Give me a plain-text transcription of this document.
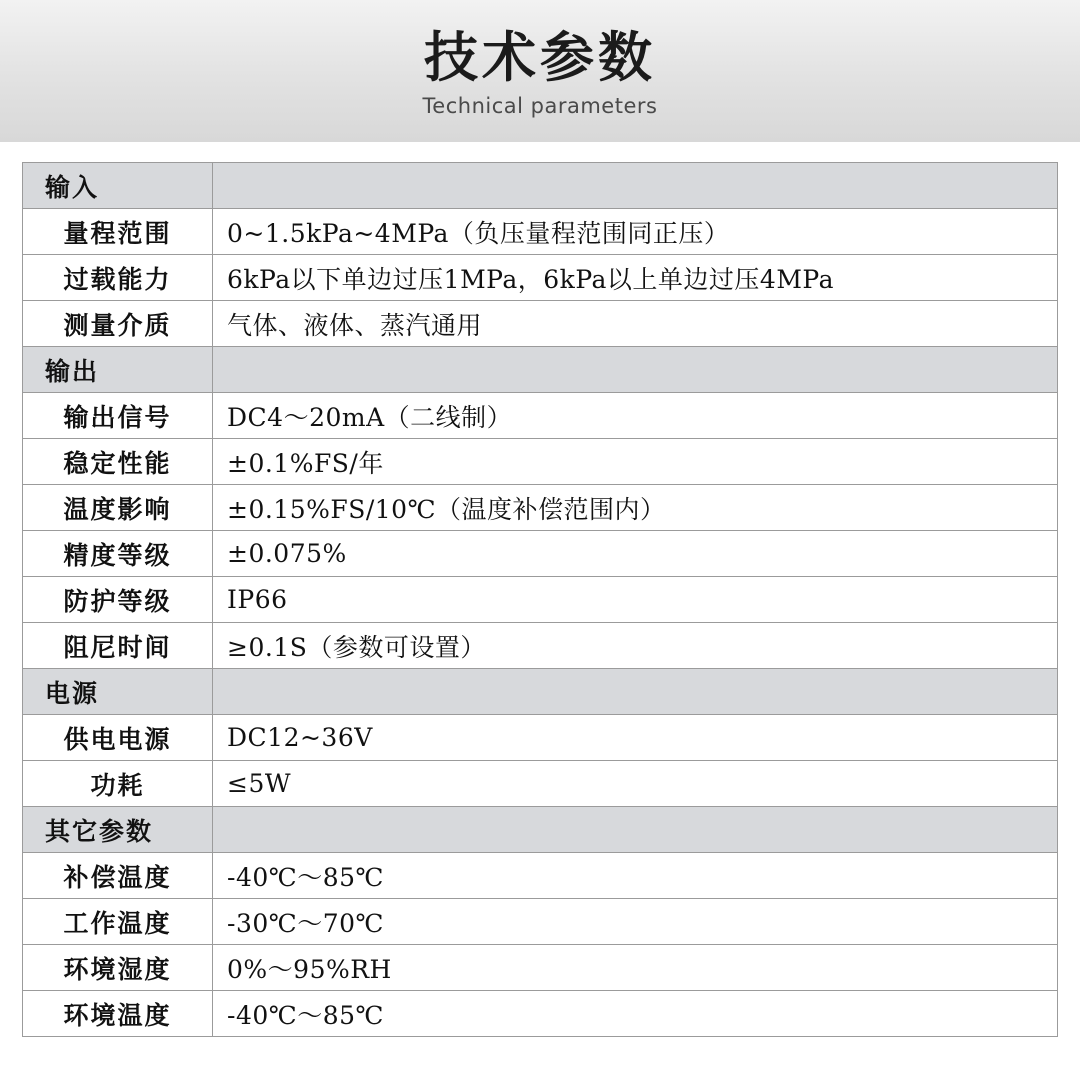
技术参数
Technical parameters
输入	
量程范围	0~1.5kPa~4MPa（负压量程范围同正压）
过载能力	6kPa以下单边过压1MPa，6kPa以上单边过压4MPa
测量介质	气体、液体、蒸汽通用
输出	
输出信号	DC4～20mA（二线制）
稳定性能	±0.1%FS/年
温度影响	±0.15%FS/10℃（温度补偿范围内）
精度等级	±0.075%
防护等级	IP66
阻尼时间	≥0.1S（参数可设置）
电源	
供电电源	DC12~36V
功耗	≤5W
其它参数	
补偿温度	-40℃～85℃
工作温度	-30℃～70℃
环境湿度	0%～95%RH
环境温度	-40℃～85℃
